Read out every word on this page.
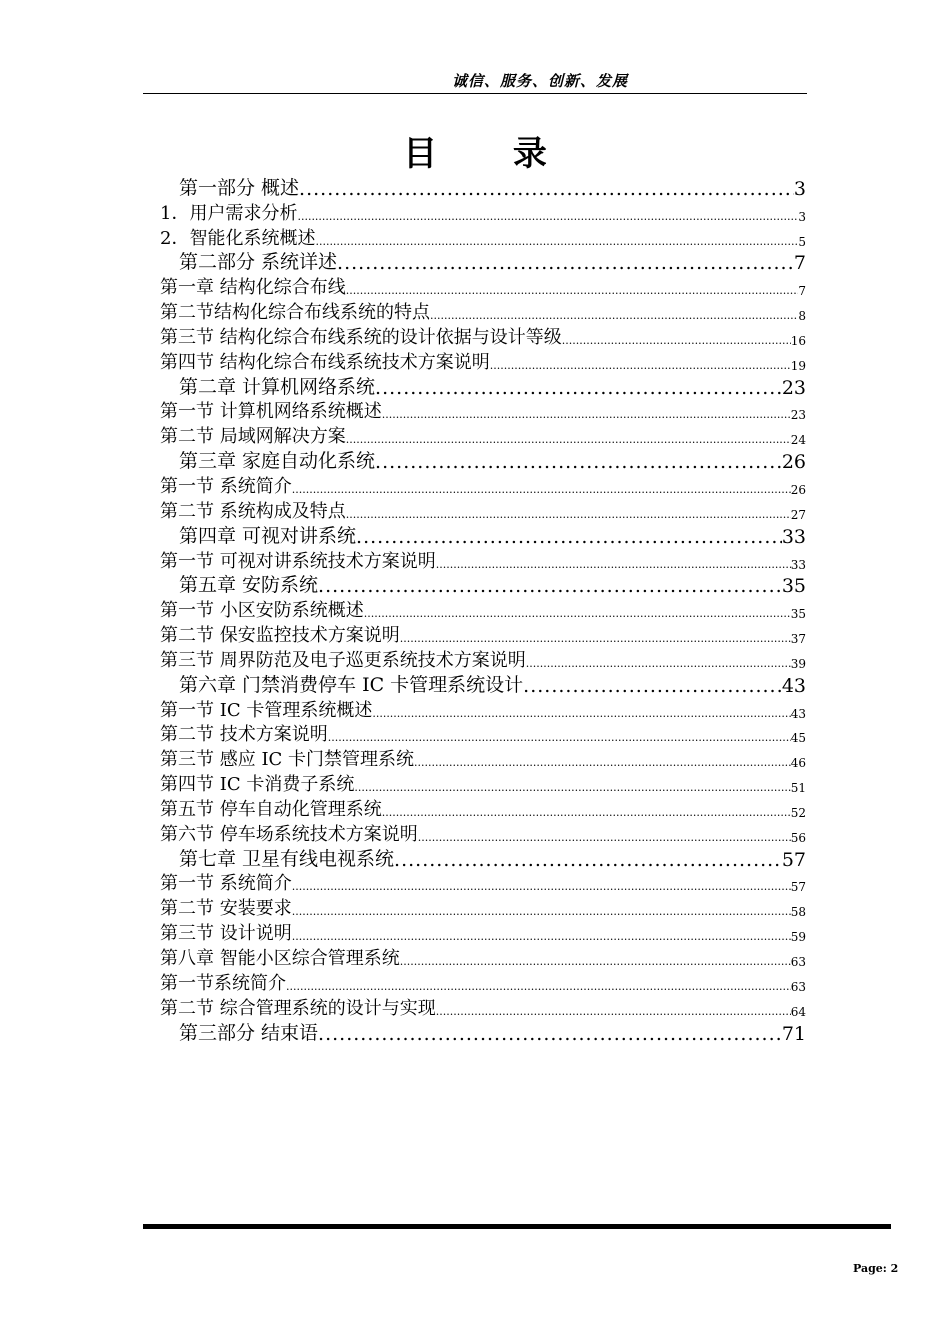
诚信、服务、创新、发展
目 录
第一部分 概述 .....	3
1．用户需求分析 .....	3
2．智能化系统概述 .....	5
第二部分 系统详述 .....	7
第一章 结构化综合布线 .....	7
第二节结构化综合布线系统的特点 .....	8
第三节 结构化综合布线系统的设计依据与设计等级 .....	16
第四节 结构化综合布线系统技术方案说明 .....	19
第二章 计算机网络系统 .....	23
第一节 计算机网络系统概述 .....	23
第二节 局域网解决方案 .....	24
第三章 家庭自动化系统 .....	26
第一节 系统简介 .....	26
第二节 系统构成及特点 .....	27
第四章 可视对讲系统 .....	33
第一节 可视对讲系统技术方案说明 .....	33
第五章 安防系统 .....	35
第一节 小区安防系统概述 .....	35
第二节 保安监控技术方案说明 .....	37
第三节 周界防范及电子巡更系统技术方案说明 .....	39
第六章 门禁消费停车 IC 卡管理系统设计 .....	43
第一节 IC 卡管理系统概述 .....	43
第二节 技术方案说明 .....	45
第三节 感应 IC 卡门禁管理系统 .....	46
第四节 IC 卡消费子系统 .....	51
第五节 停车自动化管理系统 .....	52
第六节 停车场系统技术方案说明 .....	56
第七章 卫星有线电视系统 .....	57
第一节 系统简介 .....	57
第二节 安装要求 .....	58
第三节 设计说明 .....	59
第八章 智能小区综合管理系统 .....	63
第一节系统简介 .....	63
第二节 综合管理系统的设计与实现 .....	64
第三部分 结束语 .....	71
Page: 2
